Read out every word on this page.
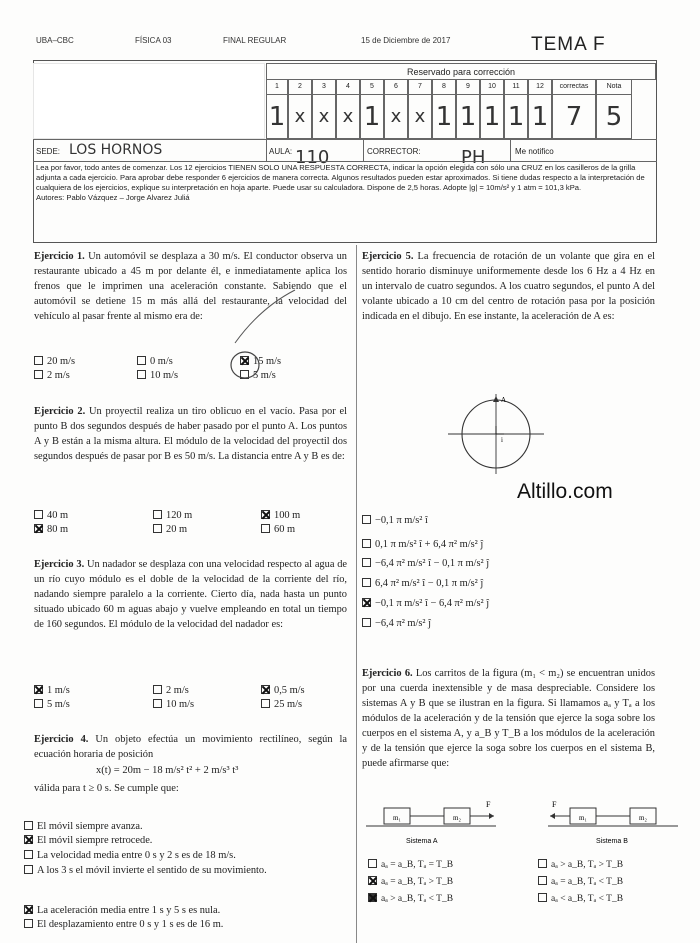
UBA–CBC	FÍSICA 03	FINAL REGULAR	15 de Diciembre de 2017	TEMA F
Reservado para corrección
1	2	3	4	5	6	7	8	9	10	11	12	correctas	Nota
1 x x x 1 x x 1 1 1 1 1 7 5
SEDE: LOS HORNOS	AULA: 110	CORRECTOR: PH	Me notifico
Lea por favor, todo antes de comenzar. Los 12 ejercicios TIENEN SOLO UNA RESPUESTA CORRECTA, indicar la opción elegida con sólo una CRUZ en los casilleros de la grilla adjunta a cada ejercicio. Para aprobar debe responder 6 ejercicios de manera correcta. Algunos resultados pueden estar aproximados. Si tiene dudas respecto a la interpretación de cualquiera de los ejercicios, explique su interpretación en hoja aparte. Puede usar su calculadora. Dispone de 2,5 horas. Adopte |g| = 10m/s² y 1 atm = 101,3 kPa.
Autores: Pablo Vázquez – Jorge Alvarez Juliá
Ejercicio 1. Un automóvil se desplaza a 30 m/s. El conductor observa un restaurante ubicado a 45 m por delante él, e inmediatamente aplica los frenos que le imprimen una aceleración constante. Sabiendo que el automóvil se detiene 15 m más allá del restaurante, la velocidad del vehículo al pasar frente al mismo era de:
20 m/s	0 m/s	15 m/s
2 m/s	10 m/s	5 m/s
Ejercicio 2. Un proyectil realiza un tiro oblicuo en el vacío. Pasa por el punto B dos segundos después de haber pasado por el punto A. Los puntos A y B están a la misma altura. El módulo de la velocidad del proyectil dos segundos después de pasar por B es 50 m/s. La distancia entre A y B es de:
40 m	120 m	100 m
80 m	20 m	60 m
Ejercicio 3. Un nadador se desplaza con una velocidad respecto al agua de un río cuyo módulo es el doble de la velocidad de la corriente del río, nadando siempre paralelo a la corriente. Cierto día, nada hasta un punto situado ubicado 60 m aguas abajo y vuelve empleando en total un tiempo de 160 segundos. El módulo de la velocidad del nadador es:
1 m/s	2 m/s	0,5 m/s
5 m/s	10 m/s	25 m/s
Ejercicio 4. Un objeto efectúa un movimiento rectilíneo, según la ecuación horaria de posición
x(t) = 20m − 18 m/s² t² + 2 m/s³ t³
válida para t ≥ 0 s. Se cumple que:
El móvil siempre avanza.
El móvil siempre retrocede.
La velocidad media entre 0 s y 2 s es de 18 m/s.
A los 3 s el móvil invierte el sentido de su movimiento.
La aceleración media entre 1 s y 5 s es nula.
El desplazamiento entre 0 s y 1 s es de 16 m.
Ejercicio 5. La frecuencia de rotación de un volante que gira en el sentido horario disminuye uniformemente desde los 6 Hz a 4 Hz en un intervalo de cuatro segundos. A los cuatro segundos, el punto A del volante ubicado a 10 cm del centro de rotación pasa por la posición indicada en el dibujo. En ese instante, la aceleración de A es:
A
i
Altillo.com
−0,1 π m/s² î
0,1 π m/s² î + 6,4 π² m/s² ĵ
−6,4 π² m/s² î − 0,1 π m/s² ĵ
6,4 π² m/s² î − 0,1 π m/s² ĵ
−0,1 π m/s² î − 6,4 π² m/s² ĵ
−6,4 π² m/s² ĵ
Ejercicio 6. Los carritos de la figura (m₁ < m₂) se encuentran unidos por una cuerda inextensible y de masa despreciable. Considere los sistemas A y B que se ilustran en la figura. Si llamamos aₐ y Tₐ a los módulos de la aceleración y de la tensión que ejerce la soga sobre los cuerpos en el sistema A, y a_B y T_B a los módulos de la aceleración y de la tensión que ejerce la soga sobre los cuerpos en el sistema B, puede afirmarse que:
m₁	m₂
F
Sistema A
m₁	m₂
F
Sistema B
aₐ = a_B, Tₐ = T_B	aₐ > a_B, Tₐ > T_B
aₐ = a_B, Tₐ > T_B	aₐ = a_B, Tₐ < T_B
aₐ > a_B, Tₐ < T_B	aₐ < a_B, Tₐ < T_B
